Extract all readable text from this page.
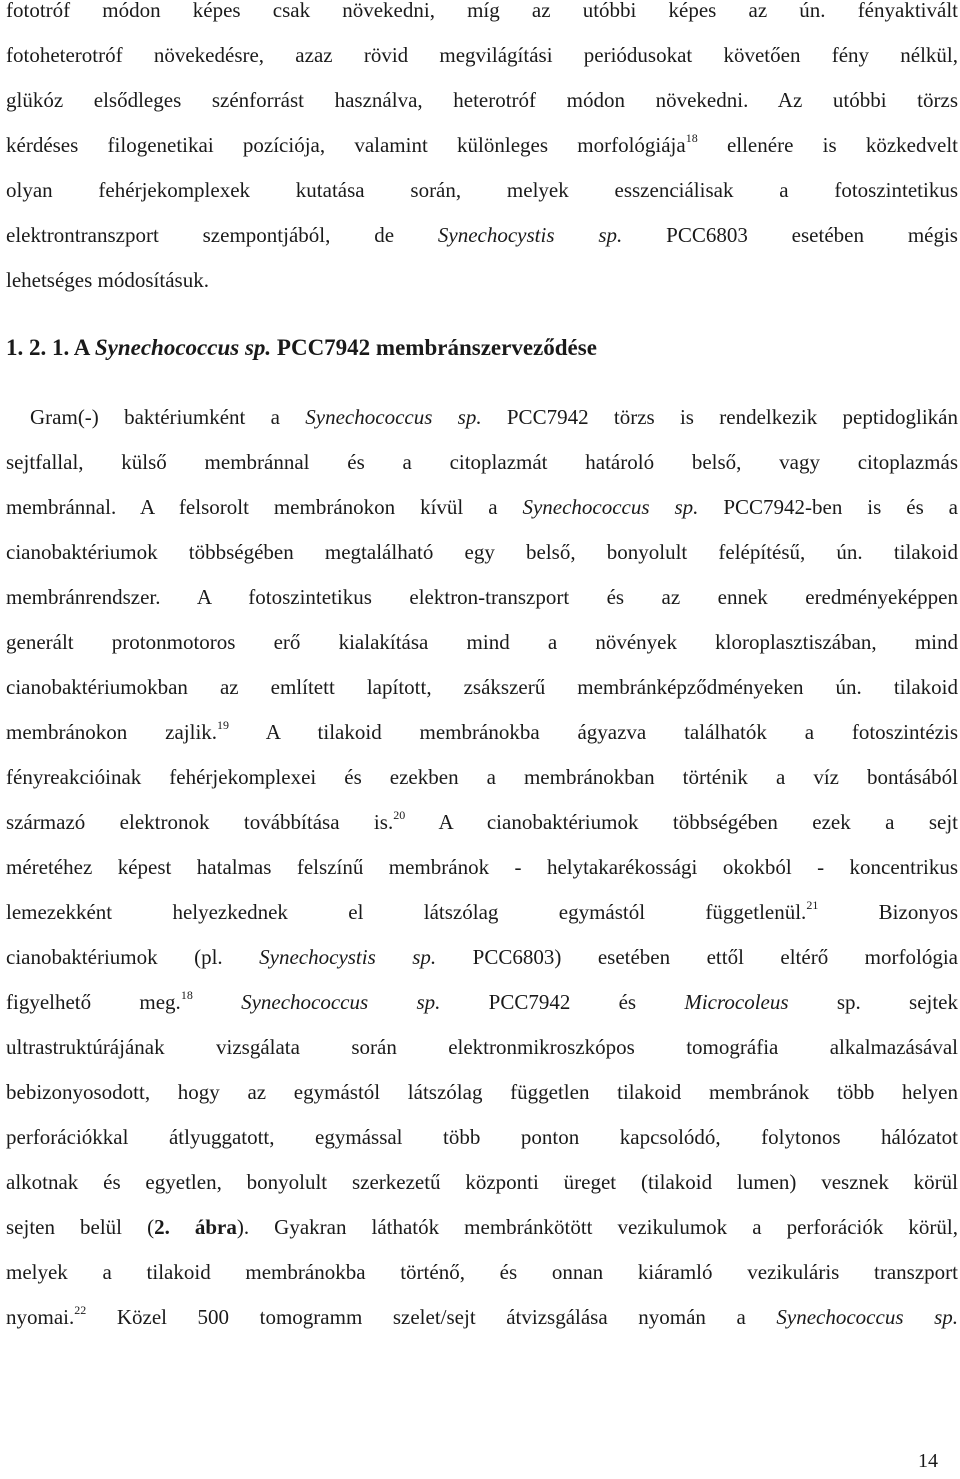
fototróf módon képes csak növekedni, míg az utóbbi képes az ún. fényaktivált
fotoheterotróf növekedésre, azaz rövid megvilágítási periódusokat követően fény nélkül,
glükóz elsődleges szénforrást használva, heterotróf módon növekedni. Az utóbbi törzs
kérdéses filogenetikai pozíciója, valamint különleges morfológiája$^{18}$ ellenére is közkedvelt
olyan fehérjekomplexek kutatása során, melyek esszenciálisak a fotoszintetikus
elektrontranszport szempontjából, de Synechocystis sp. PCC6803 esetében mégis
lehetséges módosításuk.

1. 2. 1. A Synechococcus sp. PCC7942 membránszerveződése

Gram(-) baktériumként a Synechococcus sp. PCC7942 törzs is rendelkezik peptidoglikán
sejtfallal, külső membránnal és a citoplazmát határoló belső, vagy citoplazmás
membránnal. A felsorolt membránokon kívül a Synechococcus sp. PCC7942-ben is és a
cianobaktériumok többségében megtalálható egy belső, bonyolult felépítésű, ún. tilakoid
membránrendszer. A fotoszintetikus elektron-transzport és az ennek eredményeképpen
generált protonmotoros erő kialakítása mind a növények kloroplasztiszában, mind
cianobaktériumokban az említett lapított, zsákszerű membránképződményeken ún. tilakoid
membránokon zajlik.$^{19}$ A tilakoid membránokba ágyazva találhatók a fotoszintézis
fényreakcióinak fehérjekomplexei és ezekben a membránokban történik a víz bontásából
származó elektronok továbbítása is.$^{20}$ A cianobaktériumok többségében ezek a sejt
méretéhez képest hatalmas felszínű membránok - helytakarékossági okokból - koncentrikus
lemezekként helyezkednek el látszólag egymástól függetlenül.$^{21}$ Bizonyos
cianobaktériumok (pl. Synechocystis sp. PCC6803) esetében ettől eltérő morfológia
figyelhető meg.$^{18}$ Synechococcus sp. PCC7942 és Microcoleus sp. sejtek
ultrastruktúrájának vizsgálata során elektronmikroszkópos tomográfia alkalmazásával
bebizonyosodott, hogy az egymástól látszólag független tilakoid membránok több helyen
perforációkkal átlyuggatott, egymással több ponton kapcsolódó, folytonos hálózatot
alkotnak és egyetlen, bonyolult szerkezetű központi üreget (tilakoid lumen) vesznek körül
sejten belül (2. ábra). Gyakran láthatók membránkötött vezikulumok a perforációk körül,
melyek a tilakoid membránokba történő, és onnan kiáramló vezikuláris transzport
nyomai.$^{22}$ Közel 500 tomogramm szelet/sejt átvizsgálása nyomán a Synechococcus sp.

14
